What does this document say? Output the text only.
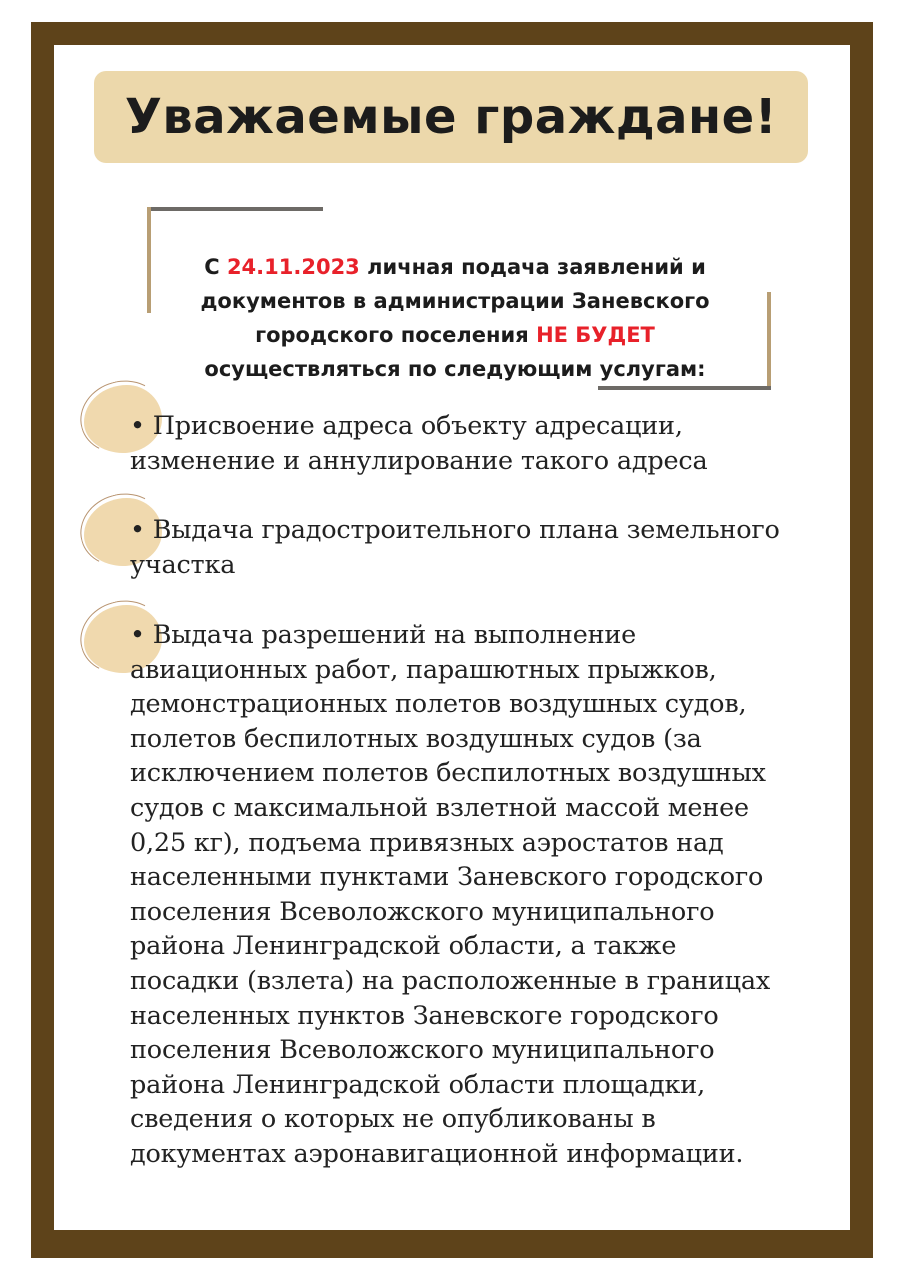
Уважаемые граждане!
С 24.11.2023 личная подача заявлений и документов в администрации Заневского городского поселения НЕ БУДЕТ осуществляться по следующим услугам:
• Присвоение адреса объекту адресации, изменение и аннулирование такого адреса
• Выдача градостроительного плана земельного участка
• Выдача разрешений на выполнение авиационных работ, парашютных прыжков, демонстрационных полетов воздушных судов, полетов беспилотных воздушных судов (за исключением полетов беспилотных воздушных судов с максимальной взлетной массой менее 0,25 кг), подъема привязных аэростатов над населенными пунктами Заневского городского поселения Всеволожского муниципального района Ленинградской области, а также посадки (взлета) на расположенные в границах населенных пунктов Заневскоге городского поселения Всеволожского муниципального района Ленинградской области площадки, сведения о которых не опубликованы в документах аэронавигационной информации.
